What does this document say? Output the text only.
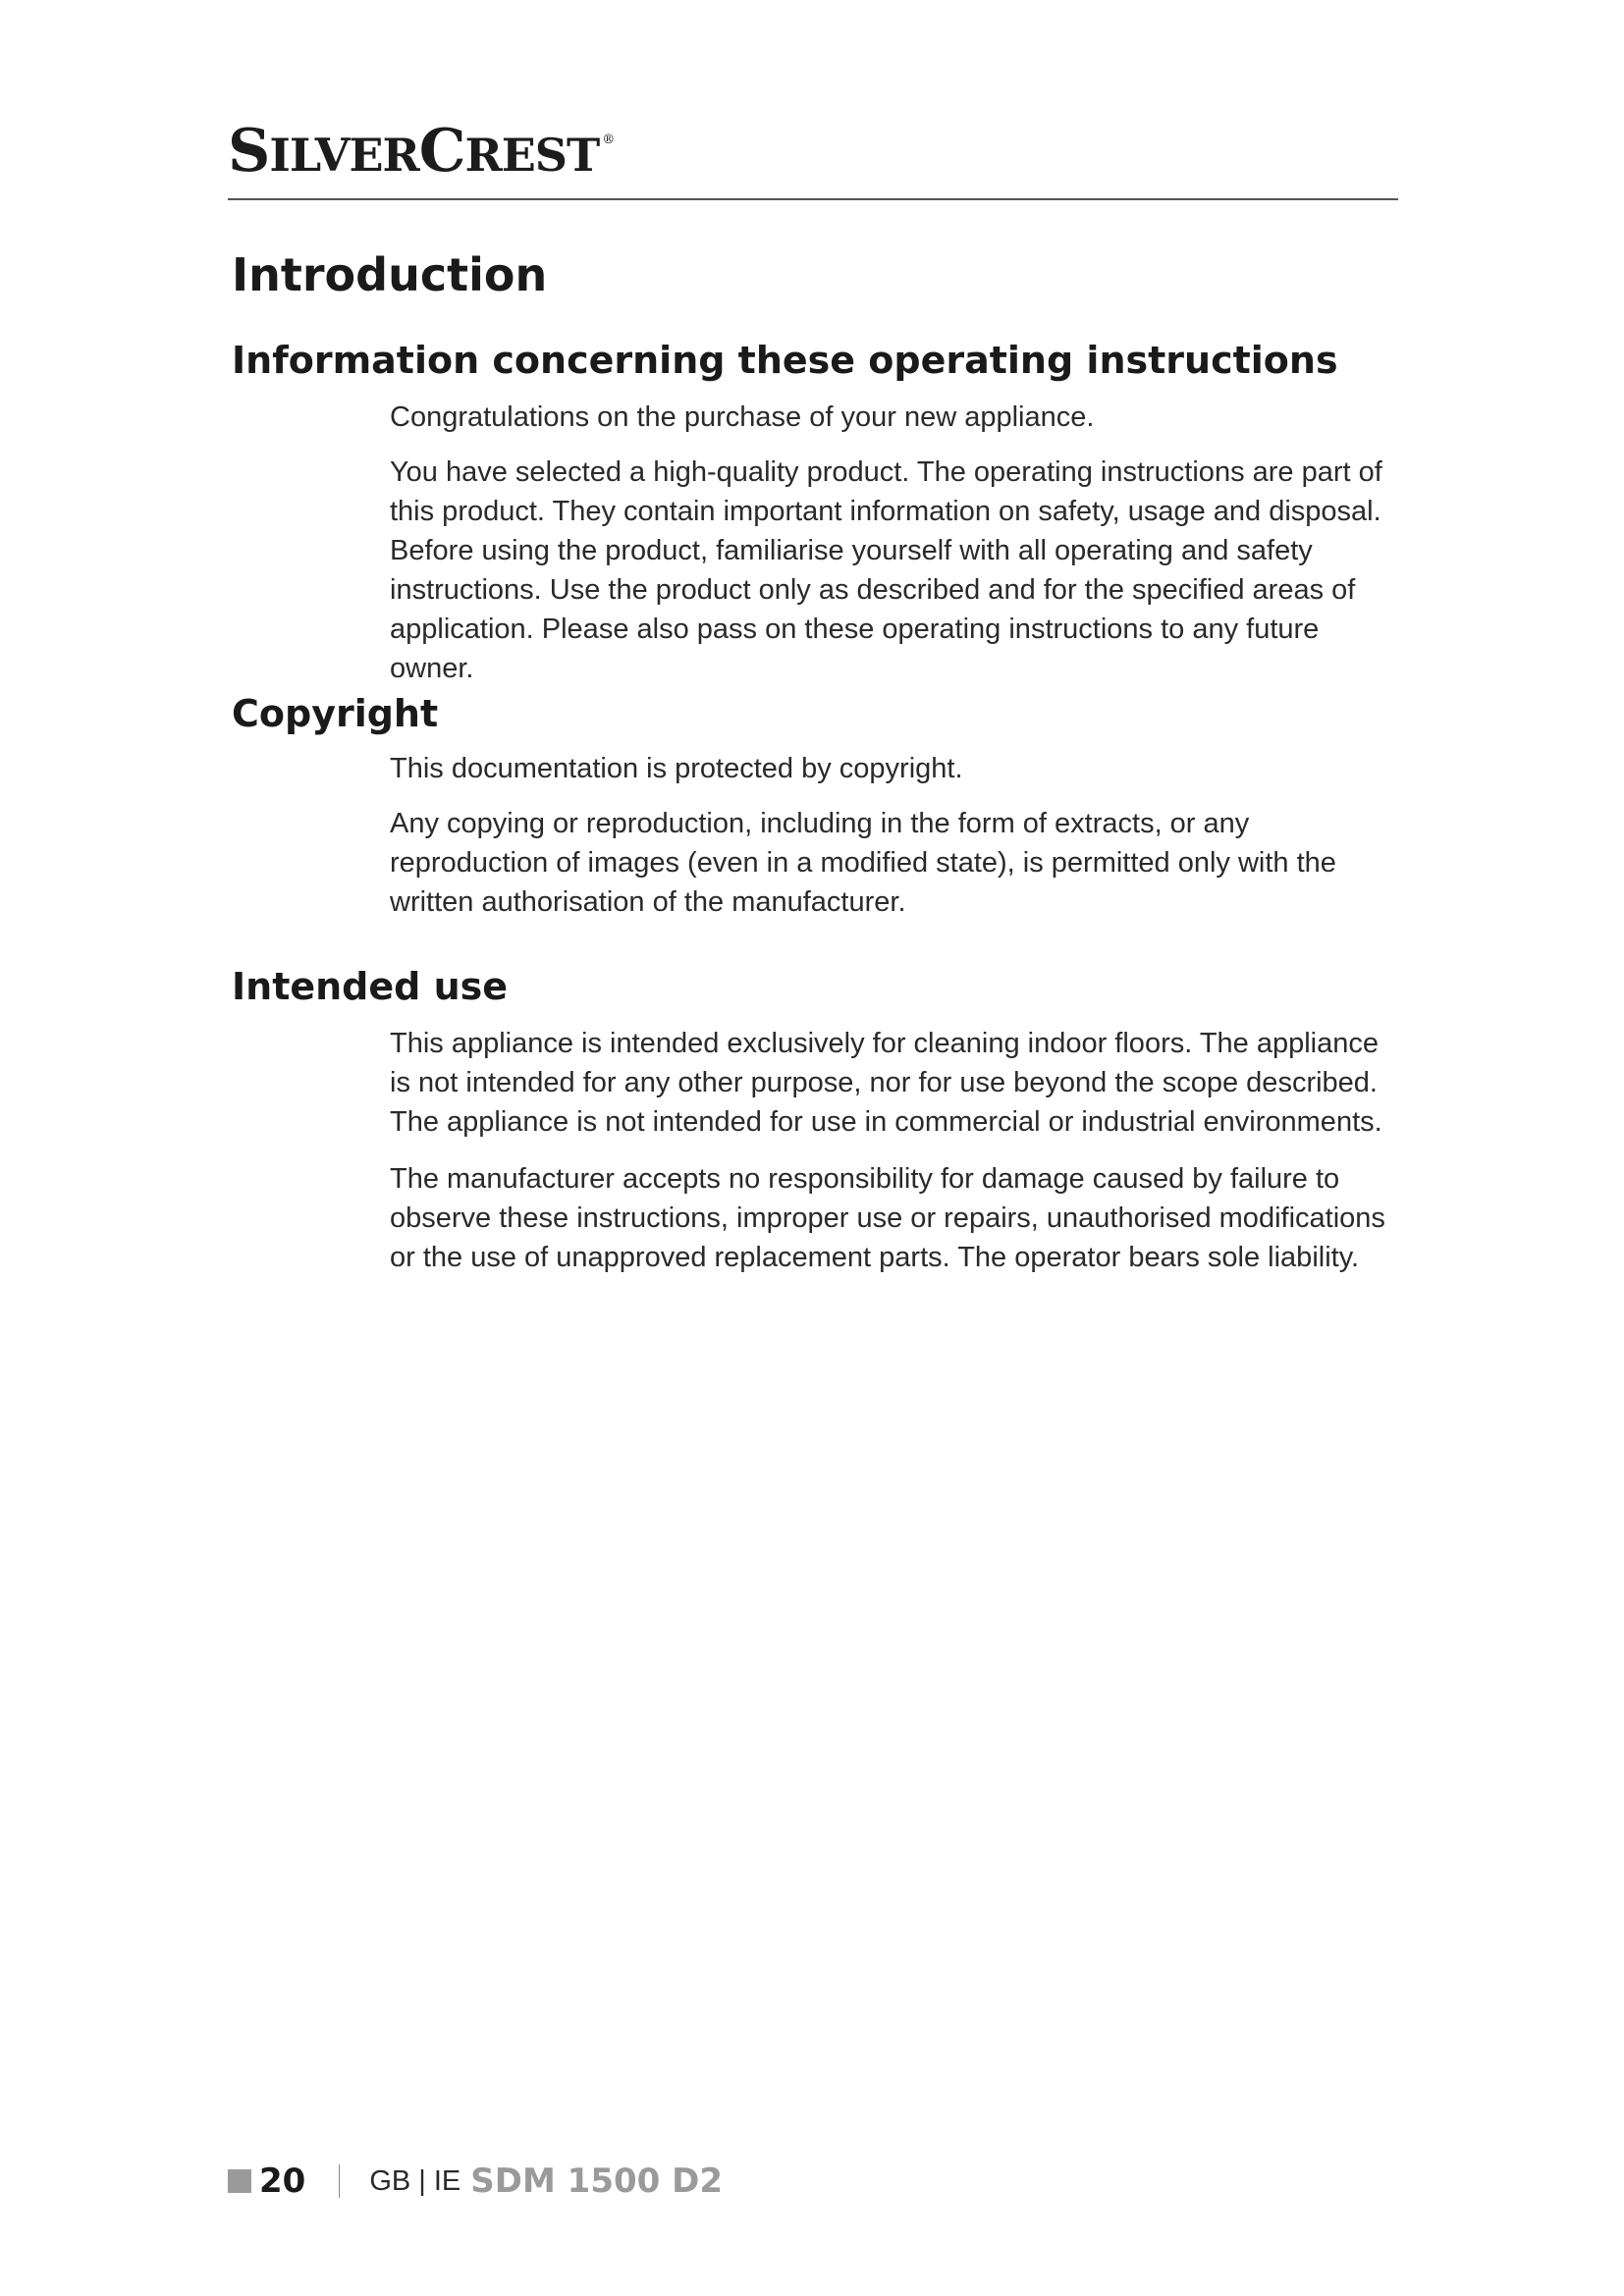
SILVERCREST ®
Introduction
Information concerning these operating instructions

Congratulations on the purchase of your new appliance.

You have selected a high-quality product. The operating instructions are part of this product. They contain important information on safety, usage and disposal. Before using the product, familiarise yourself with all operating and safety instructions. Use the product only as described and for the specified areas of application. Please also pass on these operating instructions to any future owner.

Copyright

This documentation is protected by copyright.

Any copying or reproduction, including in the form of extracts, or any reproduction of images (even in a modified state), is permitted only with the written authorisation of the manufacturer.

Intended use

This appliance is intended exclusively for cleaning indoor floors. The appliance is not intended for any other purpose, nor for use beyond the scope described. The appliance is not intended for use in commercial or industrial environments.

The manufacturer accepts no responsibility for damage caused by failure to observe these instructions, improper use or repairs, unauthorised modifications or the use of unapproved replacement parts. The operator bears sole liability.

20 GB | IE SDM 1500 D2
